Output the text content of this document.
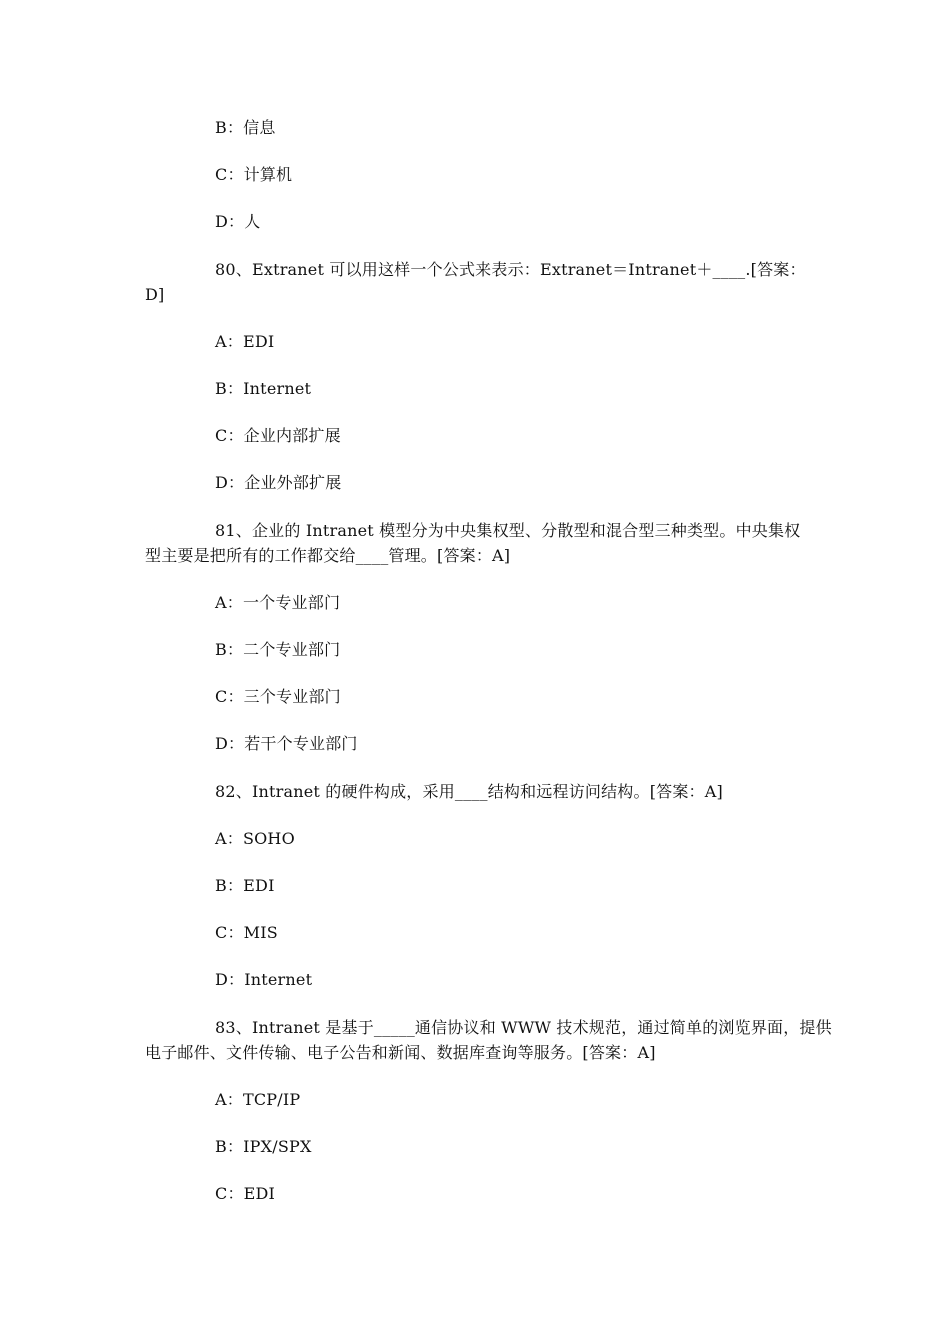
B：信息
C：计算机
D：人
80、Extranet 可以用这样一个公式来表示：Extranet＝Intranet＋____.[答案：
D]
A：EDI
B：Internet
C：企业内部扩展
D：企业外部扩展
81、企业的 Intranet 模型分为中央集权型、分散型和混合型三种类型。中央集权
型主要是把所有的工作都交给____管理。[答案：A]
A：一个专业部门
B：二个专业部门
C：三个专业部门
D：若干个专业部门
82、Intranet 的硬件构成，采用____结构和远程访问结构。[答案：A]
A：SOHO
B：EDI
C：MIS
D：Internet
83、Intranet 是基于_____通信协议和 WWW 技术规范，通过简单的浏览界面，提供
电子邮件、文件传输、电子公告和新闻、数据库查询等服务。[答案：A]
A：TCP/IP
B：IPX/SPX
C：EDI
